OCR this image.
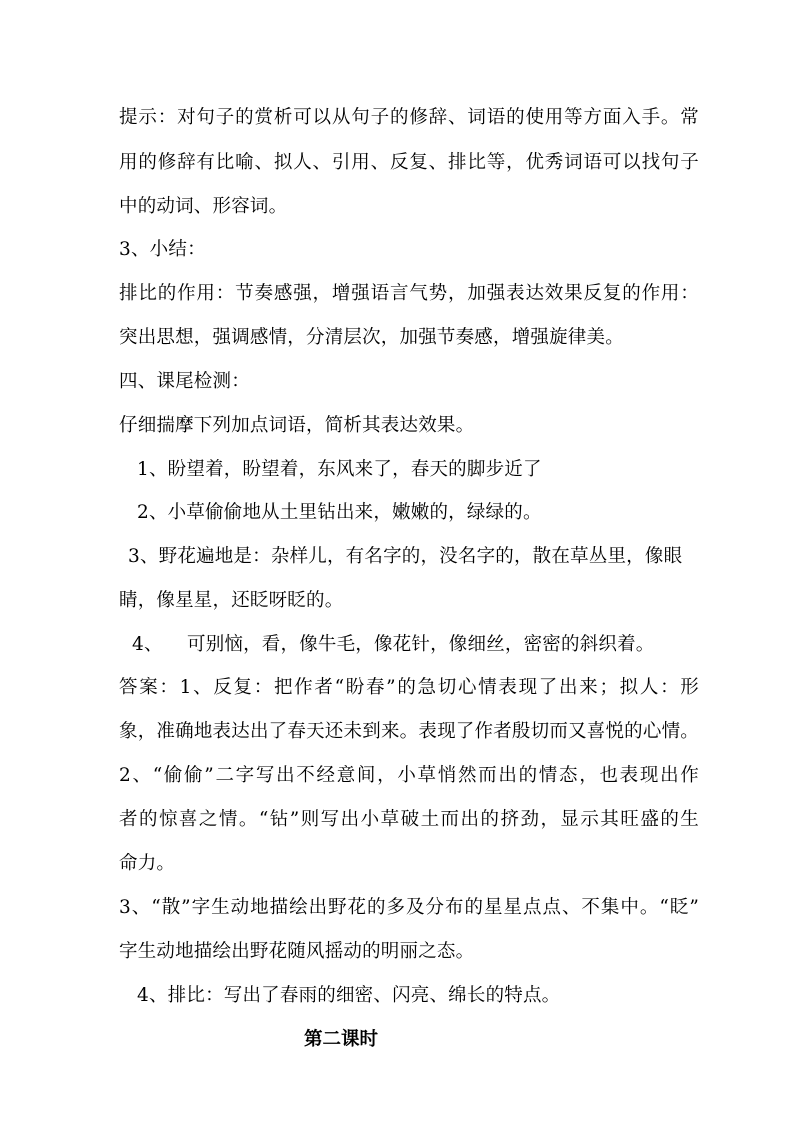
提示：对句子的赏析可以从句子的修辞、词语的使用等方面入手。常
用的修辞有比喻、拟人、引用、反复、排比等，优秀词语可以找句子
中的动词、形容词。
3、小结：
排比的作用：节奏感强，增强语言气势，加强表达效果反复的作用：
突出思想，强调感情，分清层次，加强节奏感，增强旋律美。
四、课尾检测：
仔细揣摩下列加点词语，简析其表达效果。
1、盼望着，盼望着，东风来了，春天的脚步近了
2、小草偷偷地从土里钻出来，嫩嫩的，绿绿的。
3、野花遍地是：杂样儿，有名字的，没名字的，散在草丛里，像眼
睛，像星星，还眨呀眨的。
4、    可别恼，看，像牛毛，像花针，像细丝，密密的斜织着。
答案：1、反复：把作者“盼春”的急切心情表现了出来；拟人：形
象，准确地表达出了春天还未到来。表现了作者殷切而又喜悦的心情。
2、“偷偷”二字写出不经意间，小草悄然而出的情态，也表现出作
者的惊喜之情。“钻”则写出小草破土而出的挤劲，显示其旺盛的生
命力。
3、“散”字生动地描绘出野花的多及分布的星星点点、不集中。“眨”
字生动地描绘出野花随风摇动的明丽之态。
4、排比：写出了春雨的细密、闪亮、绵长的特点。
第二课时
